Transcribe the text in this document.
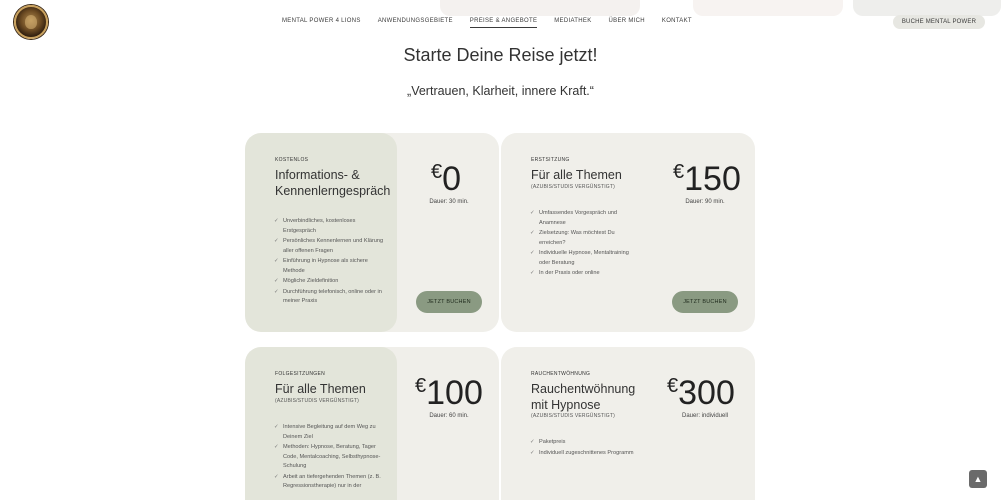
MENTAL POWER 4 LIONS	ANWENDUNGSGEBIETE	PREISE & ANGEBOTE	MEDIATHEK	ÜBER MICH	KONTAKT	BUCHE MENTAL POWER
Starte Deine Reise jetzt!

„Vertrauen, Klarheit, innere Kraft.“

KOSTENLOS
Informations- & Kennenlerngespräch
€0
Dauer: 30 min.
✓ Unverbindliches, kostenloses Erstgespräch
✓ Persönliches Kennenlernen und Klärung aller offenen Fragen
✓ Einführung in Hypnose als sichere Methode
✓ Mögliche Zieldefinition
✓ Durchführung telefonisch, online oder in meiner Praxis	JETZT BUCHEN
ERSTSITZUNG
Für alle Themen
(AZUBIS/STUDIS VERGÜNSTIGT)
€150
Dauer: 90 min.
✓ Umfassendes Vorgespräch und Anamnese
✓ Zielsetzung: Was möchtest Du erreichen?
✓ Individuelle Hypnose, Mentaltraining oder Beratung
✓ In der Praxis oder online
JETZT BUCHEN
FOLGESITZUNGEN
Für alle Themen
(AZUBIS/STUDIS VERGÜNSTIGT)
€100
Dauer: 60 min.
✓ Intensive Begleitung auf dem Weg zu Deinem Ziel
✓ Methoden: Hypnose, Beratung, Tager Code, Mentalcoaching, Selbsthypnose-Schulung
✓ Arbeit an tiefergehenden Themen (z. B. Regressionstherapie) nur in der
RAUCHENTWÖHNUNG
Rauchentwöhnung mit Hypnose
(AZUBIS/STUDIS VERGÜNSTIGT)
€300
Dauer: individuell
✓ Paketpreis
✓ Individuell zugeschnittenes Programm
▲
